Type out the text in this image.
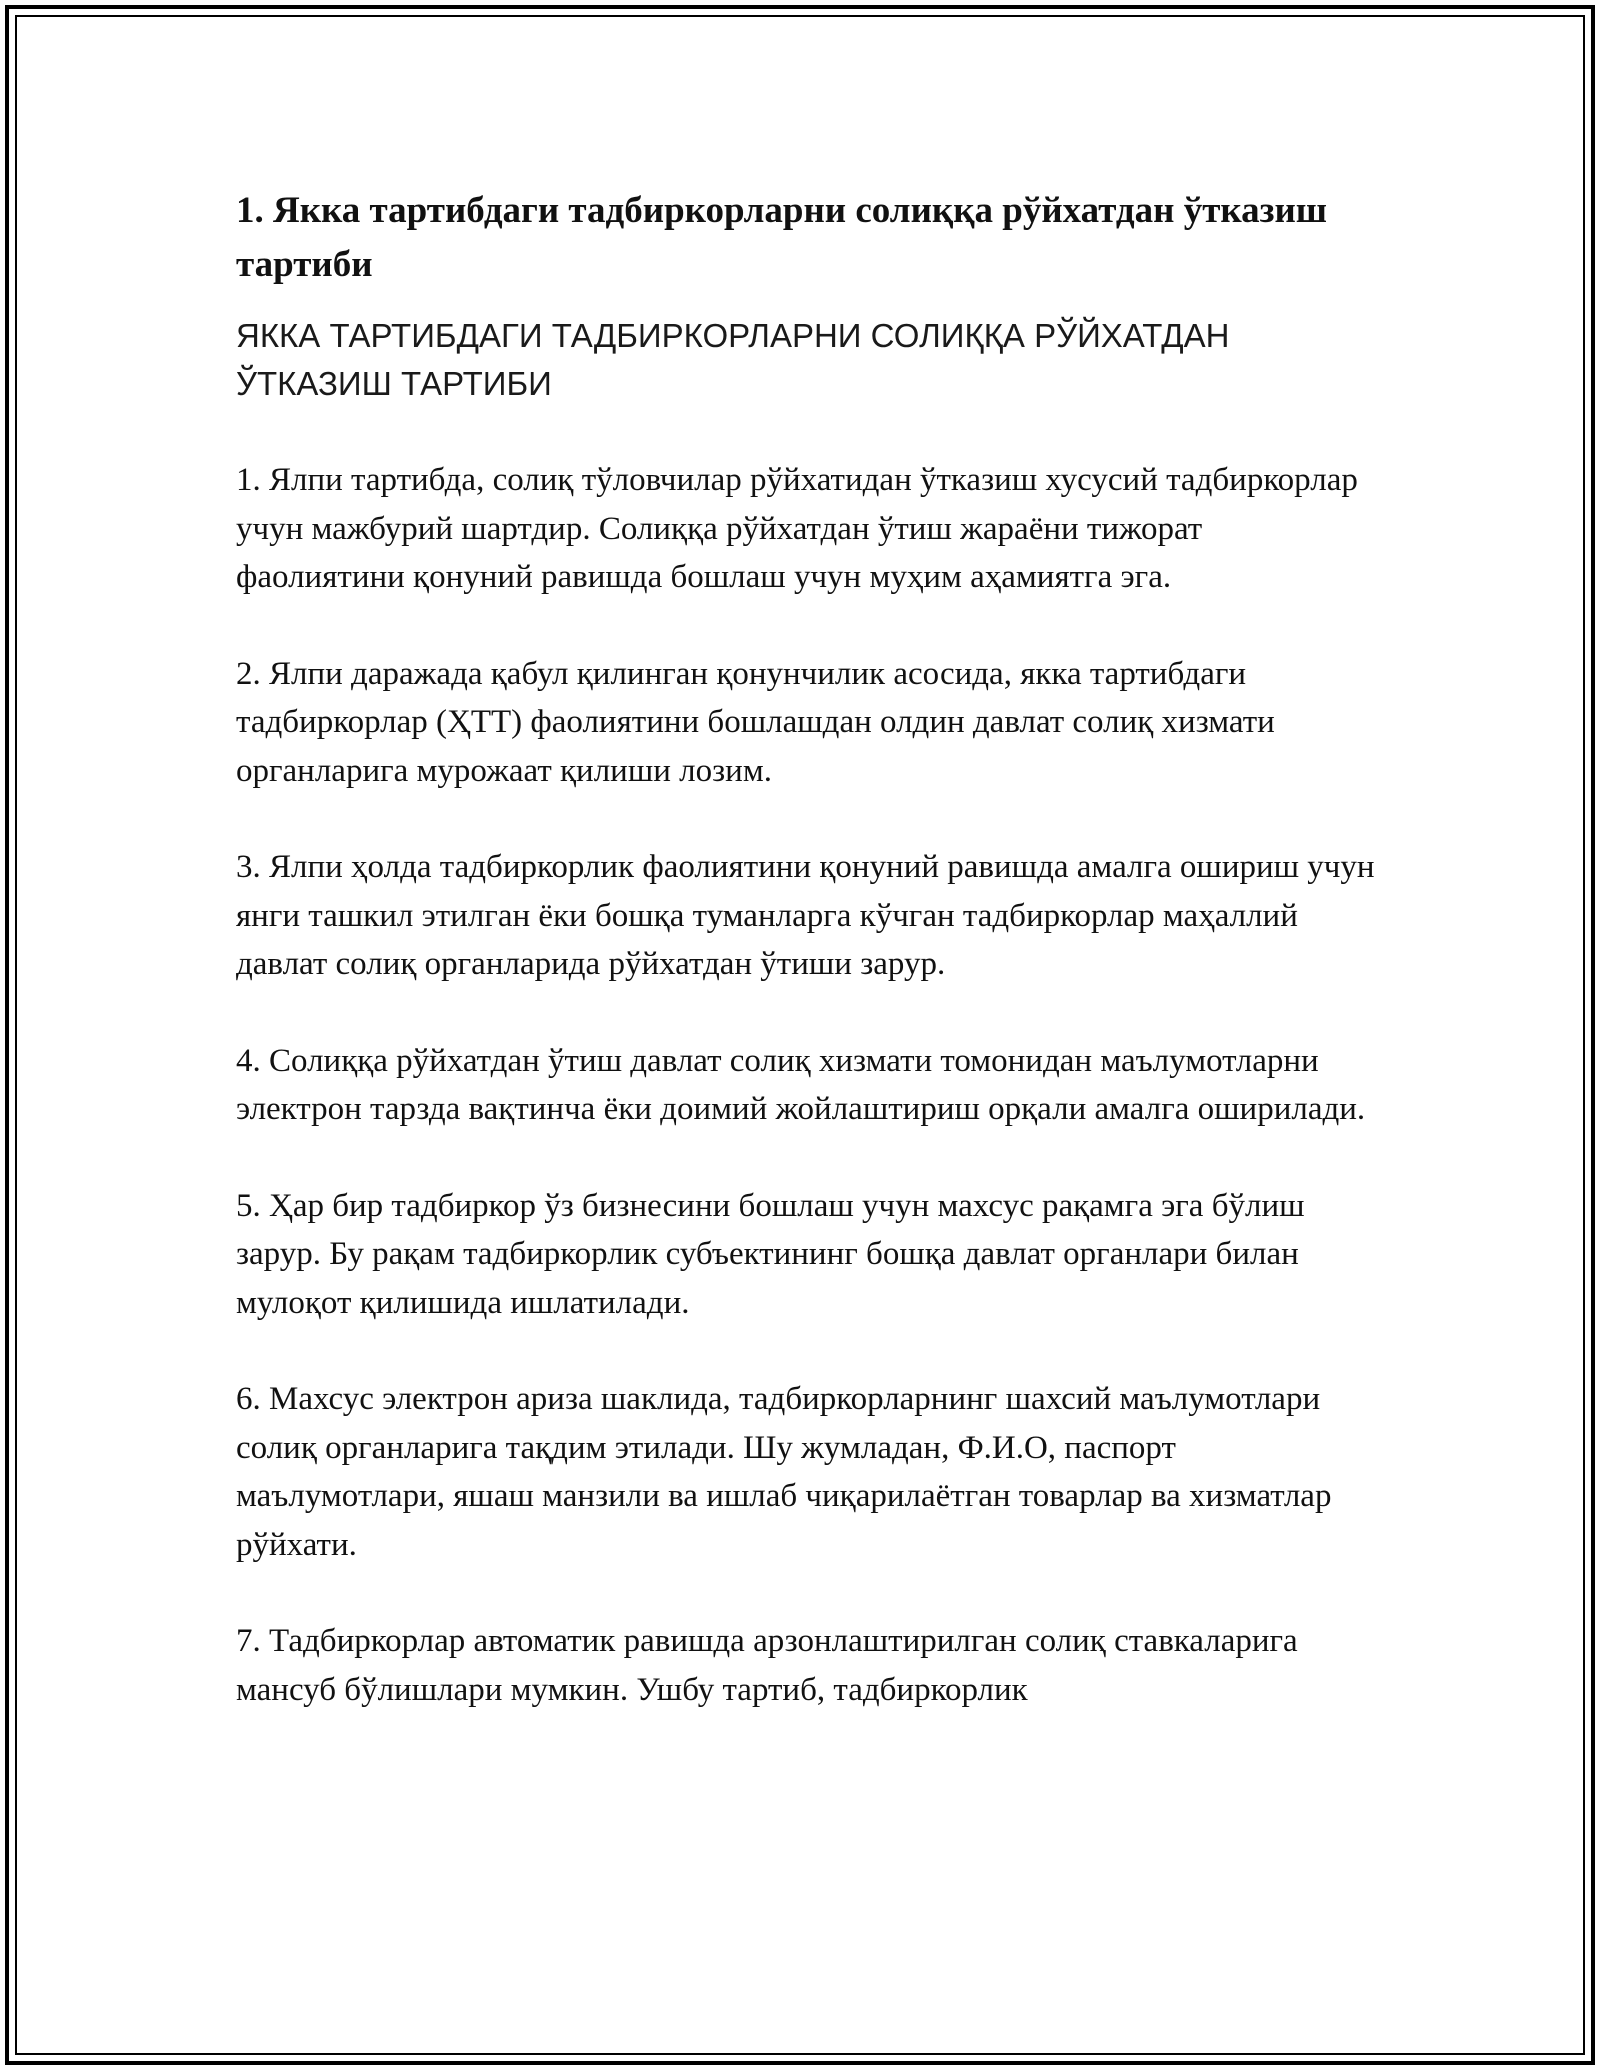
1. Якка тартибдаги тадбиркорларни солиққа рўйхатдан ўтказиш тартиби

ЯККА ТАРТИБДАГИ ТАДБИРКОРЛАРНИ СОЛИҚҚА РЎЙХАТДАН ЎТКАЗИШ ТАРТИБИ

1. Ялпи тартибда, солиқ тўловчилар рўйхатидан ўтказиш хусусий тадбиркорлар учун мажбурий шартдир. Солиққа рўйхатдан ўтиш жараёни тижорат фаолиятини қонуний равишда бошлаш учун муҳим аҳамиятга эга.

2. Ялпи даражада қабул қилинган қонунчилик асосида, якка тартибдаги тадбиркорлар (ҲТТ) фаолиятини бошлашдан олдин давлат солиқ хизмати органларига мурожаат қилиши лозим.

3. Ялпи ҳолда тадбиркорлик фаолиятини қонуний равишда амалга ошириш учун янги ташкил этилган ёки бошқа туманларга кўчган тадбиркорлар маҳаллий давлат солиқ органларида рўйхатдан ўтиши зарур.

4. Солиққа рўйхатдан ўтиш давлат солиқ хизмати томонидан маълумотларни электрон тарзда вақтинча ёки доимий жойлаштириш орқали амалга оширилади.

5. Ҳар бир тадбиркор ўз бизнесини бошлаш учун махсус рақамга эга бўлиш зарур. Бу рақам тадбиркорлик субъектининг бошқа давлат органлари билан мулоқот қилишида ишлатилади.

6. Махсус электрон ариза шаклида, тадбиркорларнинг шахсий маълумотлари солиқ органларига тақдим этилади. Шу жумладан, Ф.И.О, паспорт маълумотлари, яшаш манзили ва ишлаб чиқарилаётган товарлар ва хизматлар рўйхати.

7. Тадбиркорлар автоматик равишда арзонлаштирилган солиқ ставкаларига мансуб бўлишлари мумкин. Ушбу тартиб, тадбиркорлик
